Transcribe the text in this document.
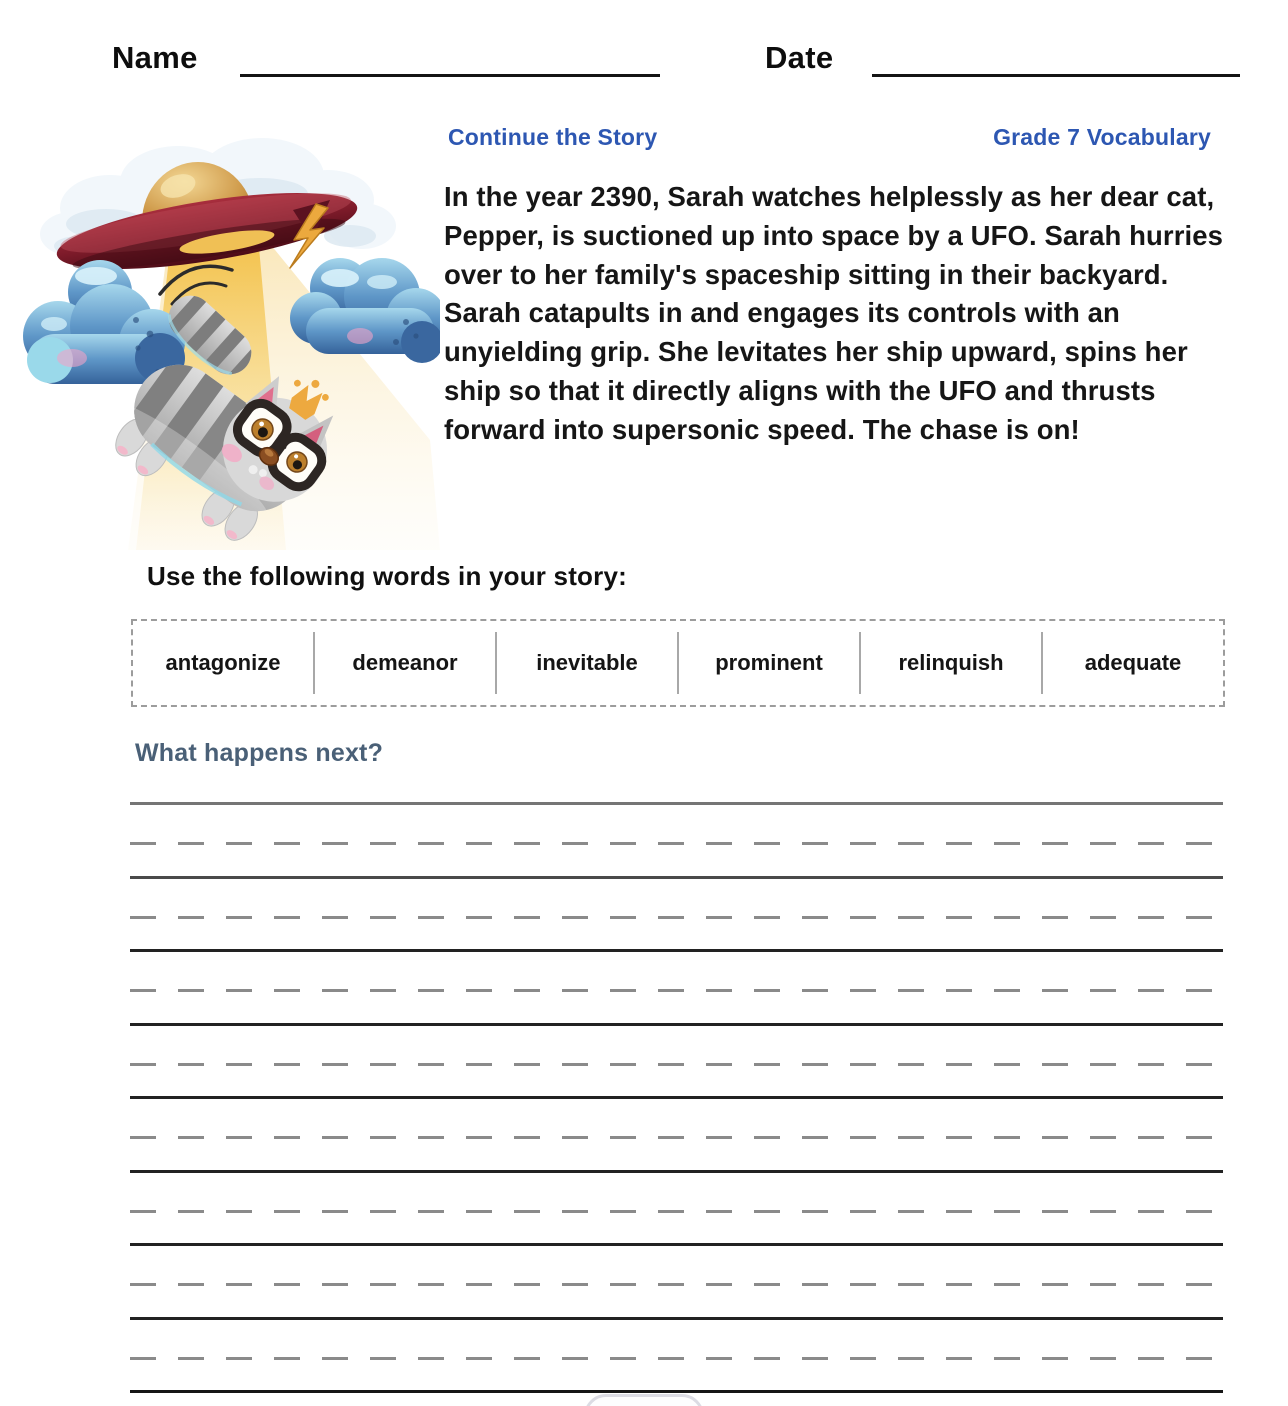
Name	Date
Continue the Story	Grade 7 Vocabulary
In the year 2390, Sarah watches helplessly as her dear cat, Pepper, is suctioned up into space by a UFO. Sarah hurries over to her family's spaceship sitting in their backyard. Sarah catapults in and engages its controls with an unyielding grip. She levitates her ship upward, spins her ship so that it directly aligns with the UFO and thrusts forward into supersonic speed. The chase is on!
Use the following words in your story:
antagonize	demeanor	inevitable	prominent	relinquish	adequate
What happens next?
